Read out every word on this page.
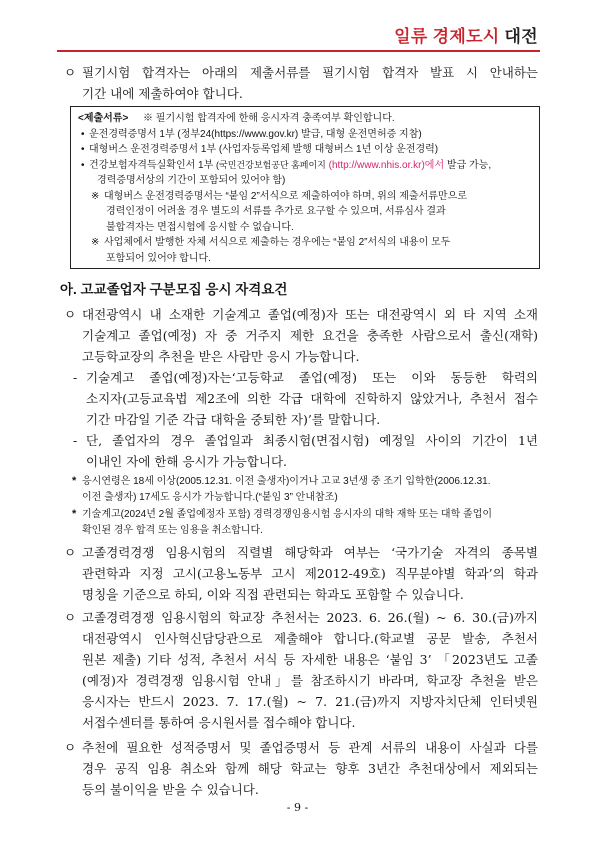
일류 경제도시 대전
ㅇ 필기시험 합격자는 아래의 제출서류를 필기시험 합격자 발표 시 안내하는
기간 내에 제출하여야 합니다.
<제출서류> ※ 필기시험 합격자에 한해 응시자격 충족여부 확인합니다.
• 운전경력증명서 1부 (정부24(https://www.gov.kr) 발급, 대형 운전면허증 지참)
• 대형버스 운전경력증명서 1부 (사업자등록업체 발행 대형버스 1년 이상 운전경력)
• 건강보험자격득실확인서 1부 (국민건강보험공단 홈페이지 (http://www.nhis.or.kr)에서 발급 가능,
경력증명서상의 기간이 포함되어 있어야 함)
※ 대형버스 운전경력증명서는 “붙임 2”서식으로 제출하여야 하며, 위의 제출서류만으로
경력인정이 어려울 경우 별도의 서류를 추가로 요구할 수 있으며, 서류심사 결과
불합격자는 면접시험에 응시할 수 없습니다.
※ 사업체에서 발행한 자체 서식으로 제출하는 경우에는 “붙임 2”서식의 내용이 모두
포함되어 있어야 합니다.
아. 고교졸업자 구분모집 응시 자격요건
ㅇ 대전광역시 내 소재한 기술계고 졸업(예정)자 또는 대전광역시 외 타 지역 소재
기술계고 졸업(예정) 자 중 거주지 제한 요건을 충족한 사람으로서 출신(재학)
고등학교장의 추천을 받은 사람만 응시 가능합니다.
- 기술계고 졸업(예정)자는‘고등학교 졸업(예정) 또는 이와 동등한 학력의
소지자(고등교육법 제2조에 의한 각급 대학에 진학하지 않았거나, 추천서 접수
기간 마감일 기준 각급 대학을 중퇴한 자)’를 말합니다.
- 단, 졸업자의 경우 졸업일과 최종시험(면접시험) 예정일 사이의 기간이 1년
이내인 자에 한해 응시가 가능합니다.
* 응시연령은 18세 이상(2005.12.31. 이전 출생자)이거나 고교 3년생 중 조기 입학한(2006.12.31.
이전 출생자) 17세도 응시가 가능합니다.(“붙임 3” 안내참조)
* 기술계고(2024년 2월 졸업예정자 포함) 경력경쟁임용시험 응시자의 대학 재학 또는 대학 졸업이
확인된 경우 합격 또는 임용을 취소합니다.
ㅇ 고졸경력경쟁 임용시험의 직렬별 해당학과 여부는 ‘국가기술 자격의 종목별
관련학과 지정 고시(고용노동부 고시 제2012-49호) 직무분야별 학과’의 학과
명칭을 기준으로 하되, 이와 직접 관련되는 학과도 포함할 수 있습니다.
ㅇ 고졸경력경쟁 임용시험의 학교장 추천서는 2023. 6. 26.(월) ~ 6. 30.(금)까지
대전광역시 인사혁신담당관으로 제출해야 합니다.(학교별 공문 발송, 추천서
원본 제출) 기타 성적, 추천서 서식 등 자세한 내용은 ‘붙임 3’ 「2023년도 고졸
(예정)자 경력경쟁 임용시험 안내」를 참조하시기 바라며, 학교장 추천을 받은
응시자는 반드시 2023. 7. 17.(월) ~ 7. 21.(금)까지 지방자치단체 인터넷원
서접수센터를 통하여 응시원서를 접수해야 합니다.
ㅇ 추천에 필요한 성적증명서 및 졸업증명서 등 관계 서류의 내용이 사실과 다를
경우 공직 임용 취소와 함께 해당 학교는 향후 3년간 추천대상에서 제외되는
등의 불이익을 받을 수 있습니다.
- 9 -
